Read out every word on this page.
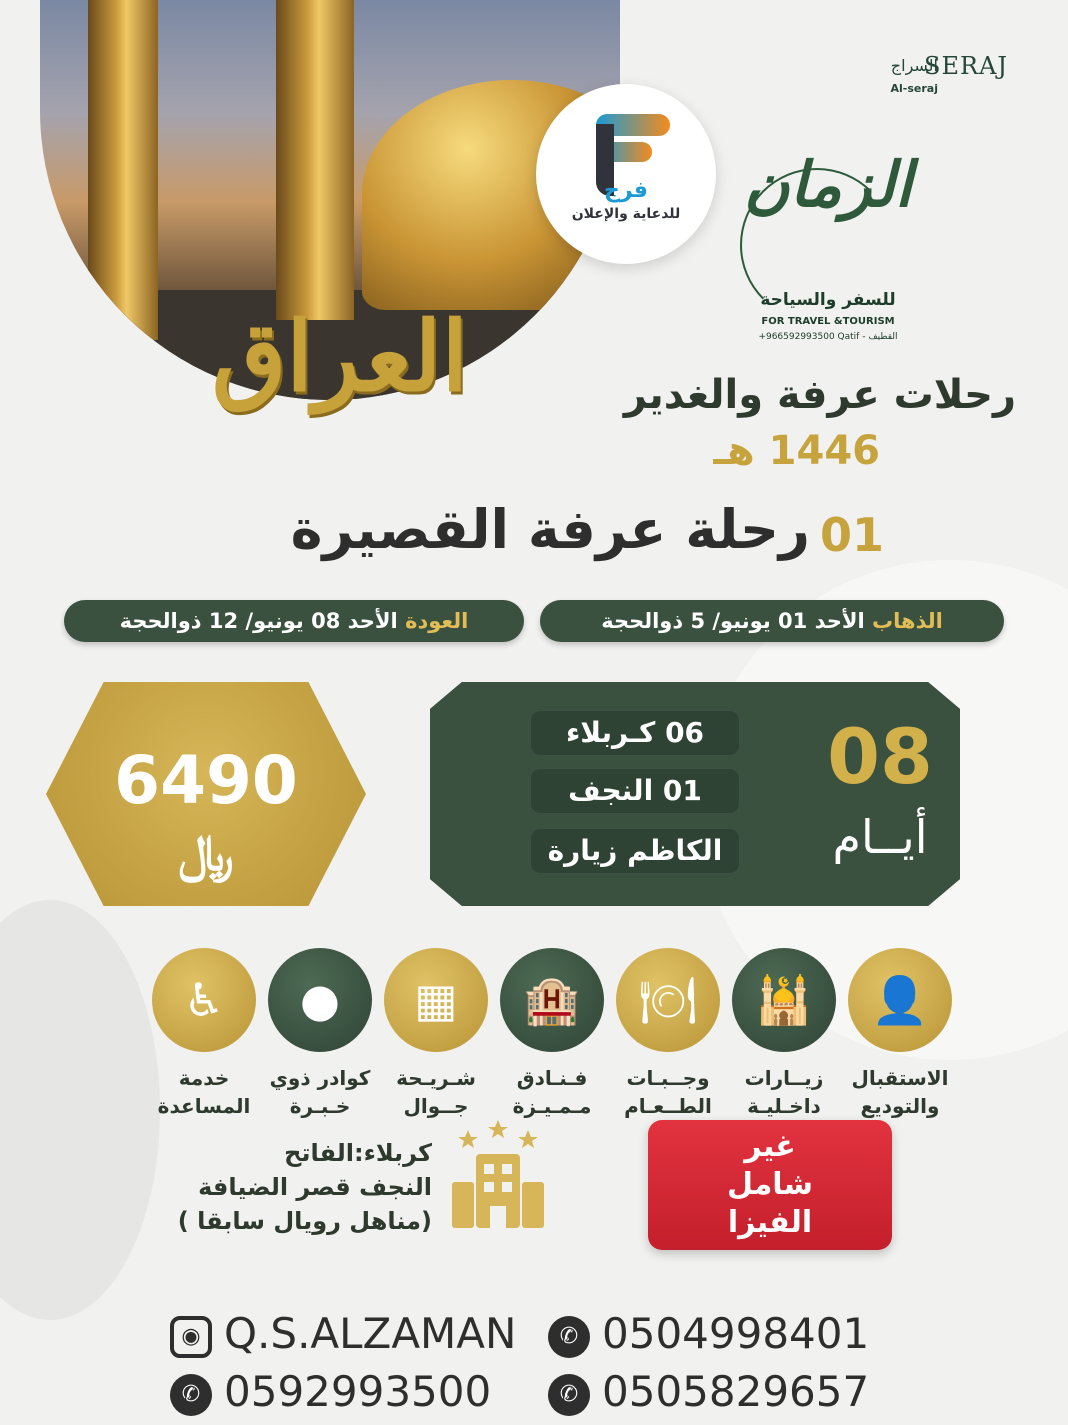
فرج
للدعاية والإعلان
SERAJ
السراج
Al-seraj
الزمان
للسفر والسياحة
FOR TRAVEL &TOURISM
+966592993500 Qatif - القطيف
العراق	رحلات عرفة والغدير
1446 هـ
01
رحلة عرفة القصيرة
الذهاب الأحد 01 يونيو/ 5 ذوالحجة
العودة الأحد 08 يونيو/ 12 ذوالحجة
6490
﷼
06 كـربلاء
01 النجف
الكاظم زيارة
08
أيــام
👤
الاستقبال
والتوديع
🕌
زيــارات
داخـليـة
🍽
وجــبـات
الطــعـام
🏨
فـنـادق
مـمـيـزة
▦
شـريـحة
جــوال
●
كوادر ذوي
خـبـرة
♿
خدمة
المساعدة
كربلاء:الفاتح
النجف قصر الضيافة
(مناهل رويال سابقا )
غير
شامل
الفيزا
◉ Q.S.ALZAMAN
✆ 0592993500
✆ 0504998401
✆ 0505829657
